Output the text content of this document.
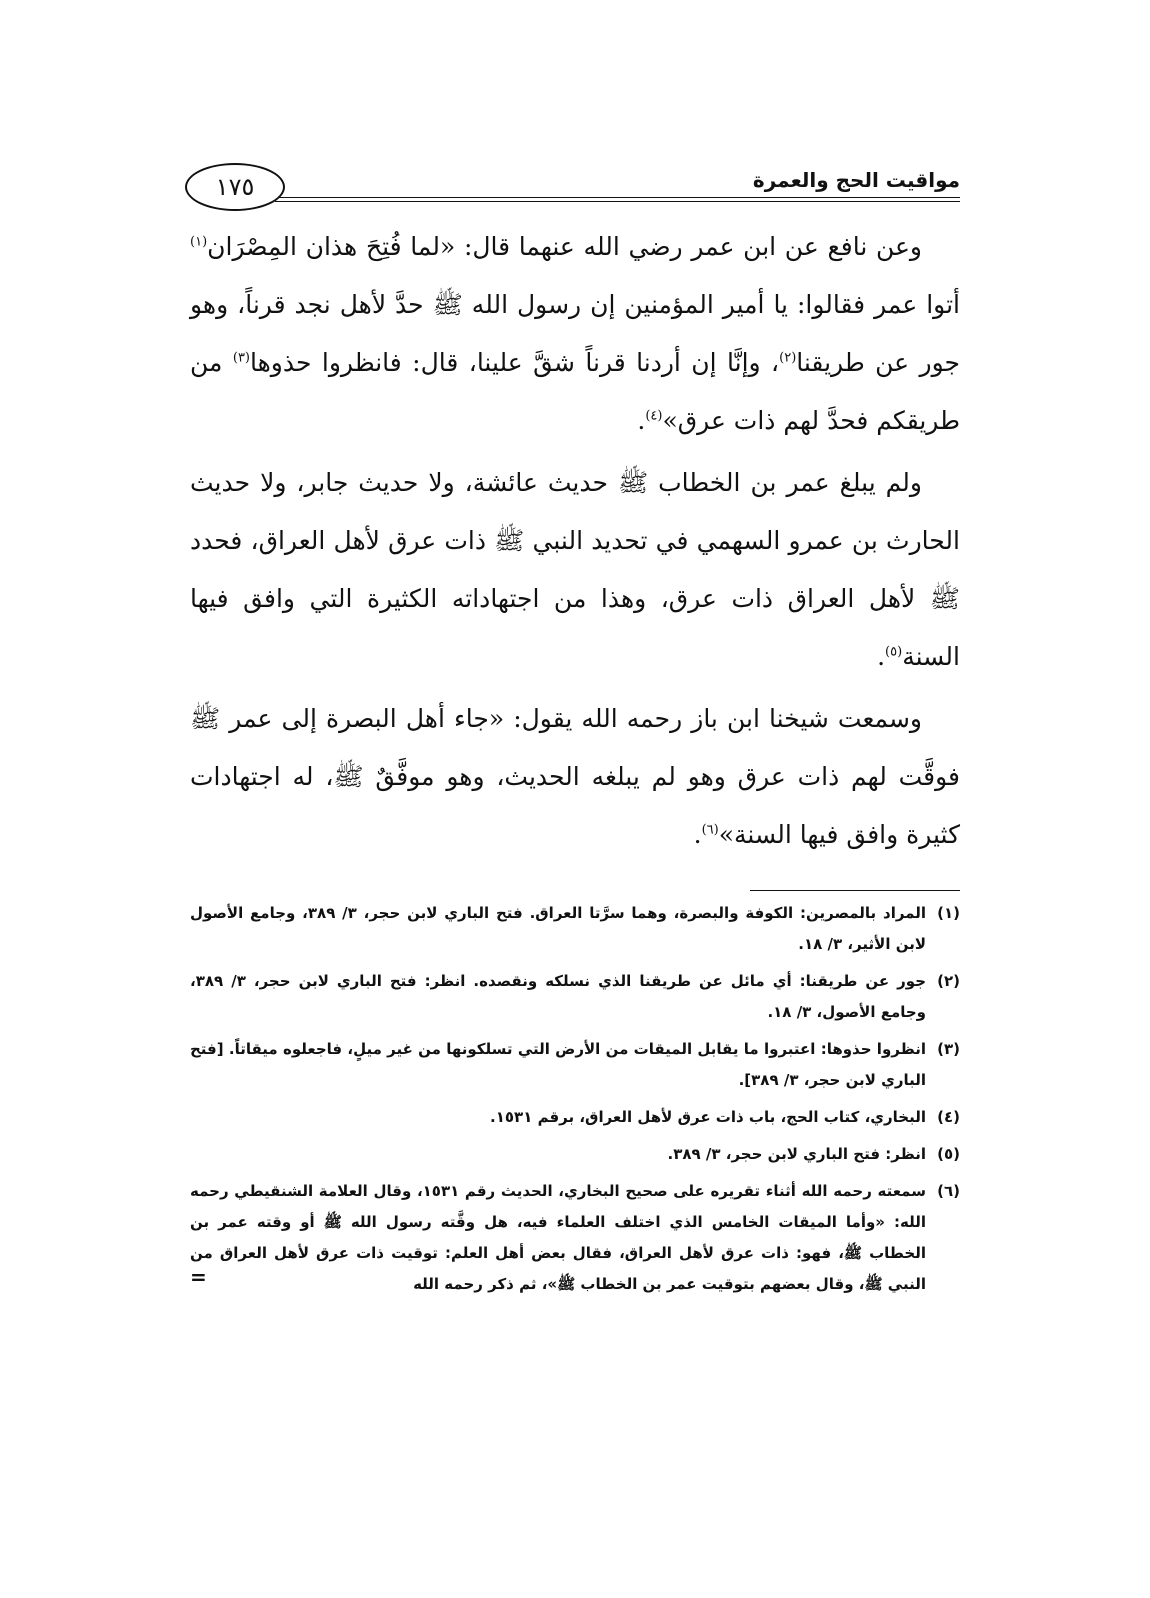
مواقيت الحج والعمرة
١٧٥

وعن نافع عن ابن عمر رضي الله عنهما قال: «لما فُتِحَ هذان المِصْرَان$^{(١)}$ أتوا عمر فقالوا: يا أمير المؤمنين إن رسول الله ﷺ حدَّ لأهل نجد قرناً، وهو جور عن طريقنا$^{(٢)}$، وإنَّا إن أردنا قرناً شقَّ علينا، قال: فانظروا حذوها$^{(٣)}$ من طريقكم فحدَّ لهم ذات عرق»$^{(٤)}$.

ولم يبلغ عمر بن الخطاب ﷺ حديث عائشة، ولا حديث جابر، ولا حديث الحارث بن عمرو السهمي في تحديد النبي ﷺ ذات عرق لأهل العراق، فحدد ﷺ لأهل العراق ذات عرق، وهذا من اجتهاداته الكثيرة التي وافق فيها السنة$^{(٥)}$.

وسمعت شيخنا ابن باز رحمه الله يقول: «جاء أهل البصرة إلى عمر ﷺ فوقَّت لهم ذات عرق وهو لم يبلغه الحديث، وهو موفَّقٌ ﷺ، له اجتهادات كثيرة وافق فيها السنة»$^{(٦)}$.

(١)
المراد بالمصرين: الكوفة والبصرة، وهما سرَّتا العراق. فتح الباري لابن حجر، ٣/ ٣٨٩، وجامع الأصول لابن الأثير، ٣/ ١٨.
(٢)
جور عن طريقنا: أي مائل عن طريقنا الذي نسلكه ونقصده. انظر: فتح الباري لابن حجر، ٣/ ٣٨٩، وجامع الأصول، ٣/ ١٨.
(٣)
انظروا حذوها: اعتبروا ما يقابل الميقات من الأرض التي تسلكونها من غير ميلٍ، فاجعلوه ميقاتاً. [فتح الباري لابن حجر، ٣/ ٣٨٩].
(٤)
البخاري، كتاب الحج، باب ذات عرق لأهل العراق، برقم ١٥٣١.
(٥)
انظر: فتح الباري لابن حجر، ٣/ ٣٨٩.
(٦)
سمعته رحمه الله أثناء تقريره على صحيح البخاري، الحديث رقم ١٥٣١، وقال العلامة الشنقيطي رحمه الله: «وأما الميقات الخامس الذي اختلف العلماء فيه، هل وقَّته رسول الله ﷺ أو وقته عمر بن الخطاب ﷺ، فهو: ذات عرق لأهل العراق، فقال بعض أهل العلم: توقيت ذات عرق لأهل العراق من النبي ﷺ، وقال بعضهم بتوقيت عمر بن الخطاب ﷺ»، ثم ذكر رحمه الله
=
